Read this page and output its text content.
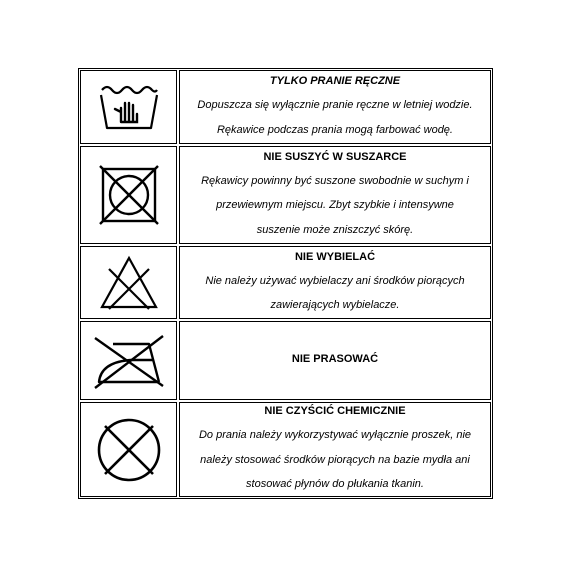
TYLKO PRANIE RĘCZNE
Dopuszcza się wyłącznie pranie ręczne w letniej wodzie.
Rękawice podczas prania mogą farbować wodę.
NIE SUSZYĆ W SUSZARCE
Rękawicy powinny być suszone swobodnie w suchym i
przewiewnym miejscu. Zbyt szybkie i intensywne
suszenie może zniszczyć skórę.
NIE WYBIELAĆ
Nie należy używać wybielaczy ani środków piorących
zawierających wybielacze.
NIE PRASOWAĆ
NIE CZYŚCIĆ CHEMICZNIE
Do prania należy wykorzystywać wyłącznie proszek, nie
należy stosować środków piorących na bazie mydła ani
stosować płynów do płukania tkanin.
